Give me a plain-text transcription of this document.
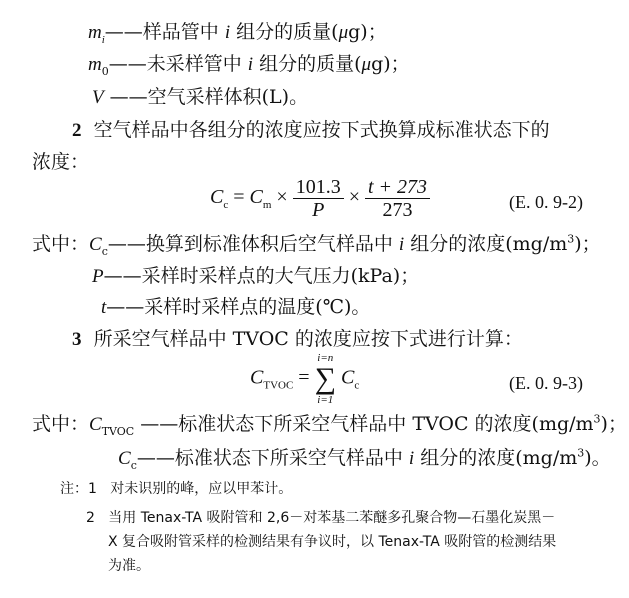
$m_i——$样品管中 i 组分的质量(μg)；
$m_0——$未采样管中 i 组分的质量(μg)；
V ——空气采样体积(L)。
2 空气样品中各组分的浓度应按下式换算成标准状态下的
浓度：
$C_c = C_m \times \frac{101.3}{P} \times \frac{t + 273}{273}$	(E. 0. 9-2)
式中：$C_c——$换算到标准体积后空气样品中 i 组分的浓度$(mg/m^3)$；
P——采样时采样点的大气压力(kPa)；
t——采样时采样点的温度(℃)。
3 所采空气样品中 TVOC 的浓度应按下式进行计算：
$C_{TVOC} = i=n$
∑
i=1 $C_c$	(E. 0. 9-3)
式中：$C_{TVOC}$ ——标准状态下所采空气样品中 TVOC 的浓度$(mg/m^3)$；
$C_c——$标准状态下所采空气样品中 i 组分的浓度$(mg/m^3)$。
注：1 对未识别的峰，应以甲苯计。
2 当用 Tenax-TA 吸附管和 2,6－对苯基二苯醚多孔聚合物—石墨化炭黑－
X 复合吸附管采样的检测结果有争议时，以 Tenax-TA 吸附管的检测结果
为准。
